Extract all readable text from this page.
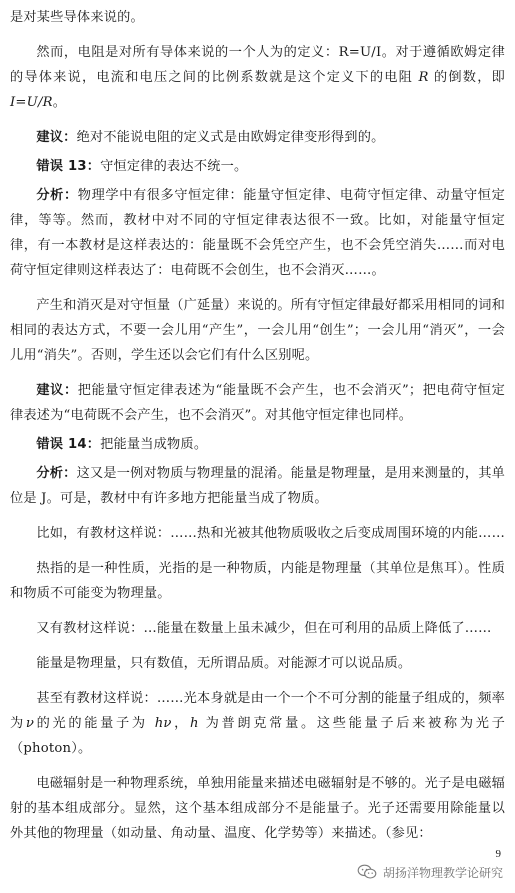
是对某些导体来说的。

然而，电阻是对所有导体来说的一个人为的定义：R=U/I。对于遵循欧姆定律的导体来说，电流和电压之间的比例系数就是这个定义下的电阻 R 的倒数，即 I=U/R。

建议：绝对不能说电阻的定义式是由欧姆定律变形得到的。

错误 13：守恒定律的表达不统一。

分析：物理学中有很多守恒定律：能量守恒定律、电荷守恒定律、动量守恒定律，等等。然而，教材中对不同的守恒定律表达很不一致。比如，对能量守恒定律，有一本教材是这样表达的：能量既不会凭空产生，也不会凭空消失……而对电荷守恒定律则这样表达了：电荷既不会创生，也不会消灭……。

产生和消灭是对守恒量（广延量）来说的。所有守恒定律最好都采用相同的词和相同的表达方式，不要一会儿用“产生”，一会儿用“创生”；一会儿用“消灭”，一会儿用“消失”。否则，学生还以会它们有什么区别呢。

建议：把能量守恒定律表述为“能量既不会产生，也不会消灭”；把电荷守恒定律表述为“电荷既不会产生，也不会消灭”。对其他守恒定律也同样。

错误 14：把能量当成物质。

分析：这又是一例对物质与物理量的混淆。能量是物理量，是用来测量的，其单位是 J。可是，教材中有许多地方把能量当成了物质。

比如，有教材这样说：……热和光被其他物质吸收之后变成周围环境的内能……

热指的是一种性质，光指的是一种物质，内能是物理量（其单位是焦耳）。性质和物质不可能变为物理量。

又有教材这样说：…能量在数量上虽未减少，但在可利用的品质上降低了……

能量是物理量，只有数值，无所谓品质。对能源才可以说品质。

甚至有教材这样说：……光本身就是由一个一个不可分割的能量子组成的，频率为ν的光的能量子为 hν，h 为普朗克常量。这些能量子后来被称为光子（photon）。

电磁辐射是一种物理系统，单独用能量来描述电磁辐射是不够的。光子是电磁辐射的基本组成部分。显然，这个基本组成部分不是能量子。光子还需要用除能量以外其他的物理量（如动量、角动量、温度、化学势等）来描述。（参见：

9
胡扬洋物理教学论研究
